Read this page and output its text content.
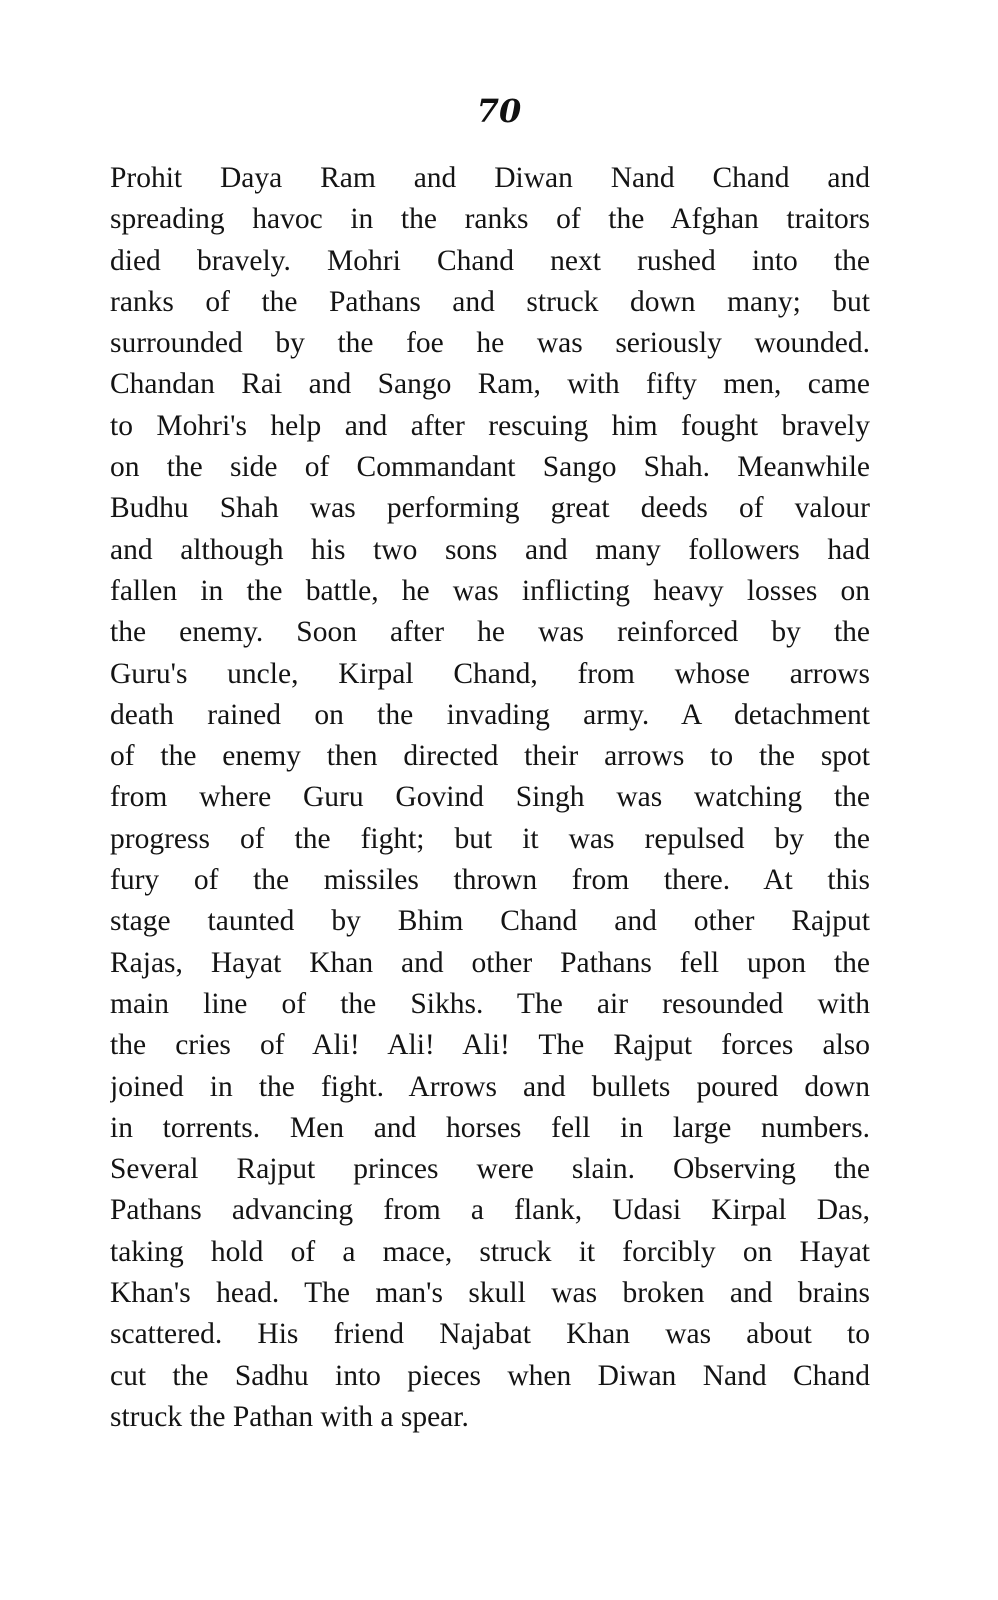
70
Prohit Daya Ram and Diwan Nand Chand and
spreading havoc in the ranks of the Afghan traitors
died bravely. Mohri Chand next rushed into the
ranks of the Pathans and struck down many; but
surrounded by the foe he was seriously wounded.
Chandan Rai and Sango Ram, with fifty men, came
to Mohri's help and after rescuing him fought bravely
on the side of Commandant Sango Shah. Meanwhile
Budhu Shah was performing great deeds of valour
and although his two sons and many followers had
fallen in the battle, he was inflicting heavy losses on
the enemy. Soon after he was reinforced by the
Guru's uncle, Kirpal Chand, from whose arrows
death rained on the invading army. A detachment
of the enemy then directed their arrows to the spot
from where Guru Govind Singh was watching the
progress of the fight; but it was repulsed by the
fury of the missiles thrown from there. At this
stage taunted by Bhim Chand and other Rajput
Rajas, Hayat Khan and other Pathans fell upon the
main line of the Sikhs. The air resounded with
the cries of Ali! Ali! Ali! The Rajput forces also
joined in the fight. Arrows and bullets poured down
in torrents. Men and horses fell in large numbers.
Several Rajput princes were slain. Observing the
Pathans advancing from a flank, Udasi Kirpal Das,
taking hold of a mace, struck it forcibly on Hayat
Khan's head. The man's skull was broken and brains
scattered. His friend Najabat Khan was about to
cut the Sadhu into pieces when Diwan Nand Chand
struck the Pathan with a spear.
